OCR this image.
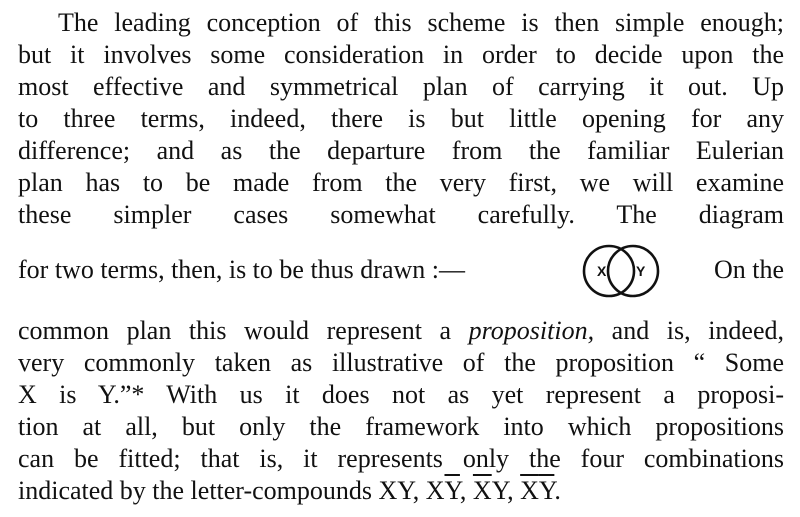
The leading conception of this scheme is then simple enough;
but it involves some consideration in order to decide upon the
most effective and symmetrical plan of carrying it out. Up
to three terms, indeed, there is but little opening for any
difference; and as the departure from the familiar Eulerian
plan has to be made from the very first, we will examine
these simpler cases somewhat carefully. The diagram
for two terms, then, is to be thus drawn :—	X Y	On the
common plan this would represent a proposition, and is, indeed,
very commonly taken as illustrative of the proposition “ Some
X is Y.”* With us it does not as yet represent a proposi-
tion at all, but only the framework into which propositions
can be fitted; that is, it represents only the four combinations
indicated by the letter-compounds XY, $X\overline{Y}$, $\overline{X}Y$, $\overline{X}\overline{Y}$.
